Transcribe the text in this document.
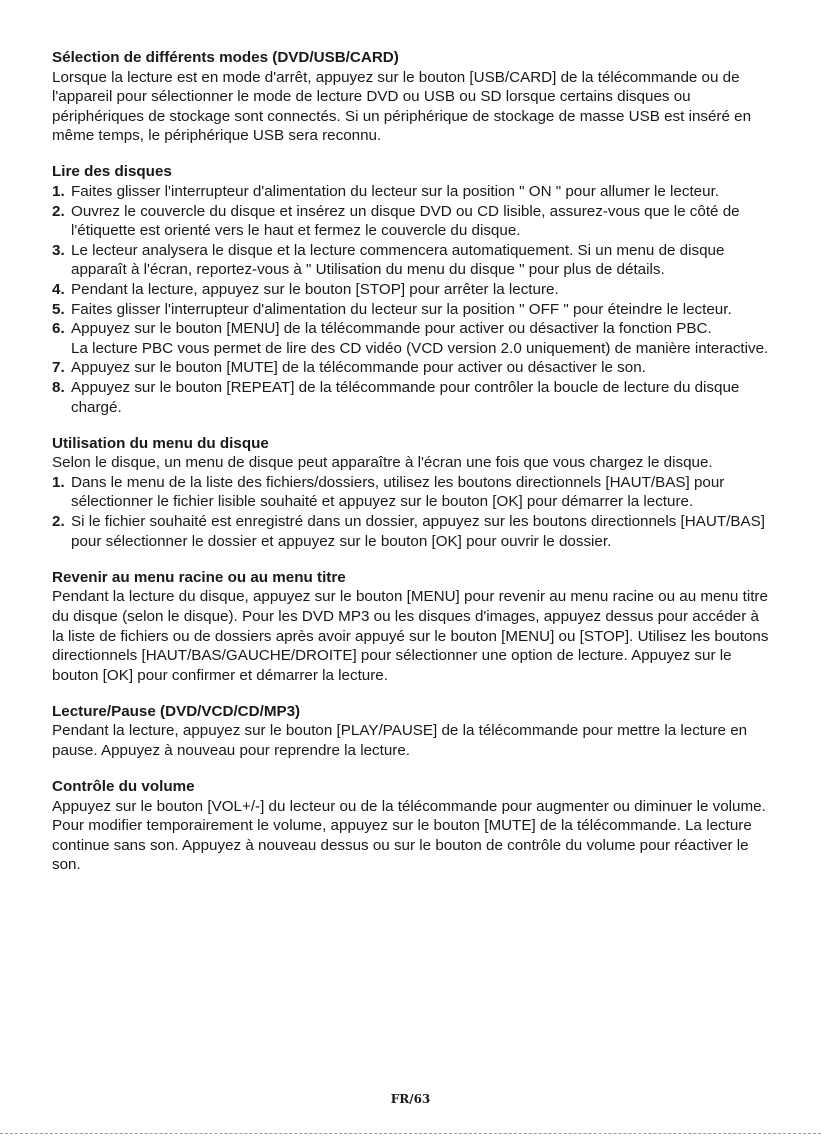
Sélection de différents modes (DVD/USB/CARD)

Lorsque la lecture est en mode d'arrêt, appuyez sur le bouton [USB/CARD] de la télécommande ou de l'appareil pour sélectionner le mode de lecture DVD ou USB ou SD lorsque certains disques ou périphériques de stockage sont connectés. Si un périphérique de stockage de masse USB est inséré en même temps, le périphérique USB sera reconnu.

Lire des disques

1. Faites glisser l'interrupteur d'alimentation du lecteur sur la position " ON " pour allumer le lecteur.
2. Ouvrez le couvercle du disque et insérez un disque DVD ou CD lisible, assurez-vous que le côté de l'étiquette est orienté vers le haut et fermez le couvercle du disque.
3. Le lecteur analysera le disque et la lecture commencera automatiquement. Si un menu de disque apparaît à l'écran, reportez-vous à " Utilisation du menu du disque " pour plus de détails.
4. Pendant la lecture, appuyez sur le bouton [STOP] pour arrêter la lecture.
5. Faites glisser l'interrupteur d'alimentation du lecteur sur la position " OFF " pour éteindre le lecteur.
6. Appuyez sur le bouton [MENU] de la télécommande pour activer ou désactiver la fonction PBC.
La lecture PBC vous permet de lire des CD vidéo (VCD version 2.0 uniquement) de manière interactive.
7. Appuyez sur le bouton [MUTE] de la télécommande pour activer ou désactiver le son.
8. Appuyez sur le bouton [REPEAT] de la télécommande pour contrôler la boucle de lecture du disque chargé.

Utilisation du menu du disque

Selon le disque, un menu de disque peut apparaître à l'écran une fois que vous chargez le disque.

1. Dans le menu de la liste des fichiers/dossiers, utilisez les boutons directionnels [HAUT/BAS] pour sélectionner le fichier lisible souhaité et appuyez sur le bouton [OK] pour démarrer la lecture.
2. Si le fichier souhaité est enregistré dans un dossier, appuyez sur les boutons directionnels [HAUT/BAS] pour sélectionner le dossier et appuyez sur le bouton [OK] pour ouvrir le dossier.

Revenir au menu racine ou au menu titre

Pendant la lecture du disque, appuyez sur le bouton [MENU] pour revenir au menu racine ou au menu titre du disque (selon le disque). Pour les DVD MP3 ou les disques d'images, appuyez dessus pour accéder à la liste de fichiers ou de dossiers après avoir appuyé sur le bouton [MENU] ou [STOP]. Utilisez les boutons directionnels [HAUT/BAS/GAUCHE/DROITE] pour sélectionner une option de lecture. Appuyez sur le bouton [OK] pour confirmer et démarrer la lecture.

Lecture/Pause (DVD/VCD/CD/MP3)

Pendant la lecture, appuyez sur le bouton [PLAY/PAUSE] de la télécommande pour mettre la lecture en pause. Appuyez à nouveau pour reprendre la lecture.

Contrôle du volume

Appuyez sur le bouton [VOL+/-] du lecteur ou de la télécommande pour augmenter ou diminuer le volume. Pour modifier temporairement le volume, appuyez sur le bouton [MUTE] de la télécommande. La lecture continue sans son. Appuyez à nouveau dessus ou sur le bouton de contrôle du volume pour réactiver le son.

FR/63
